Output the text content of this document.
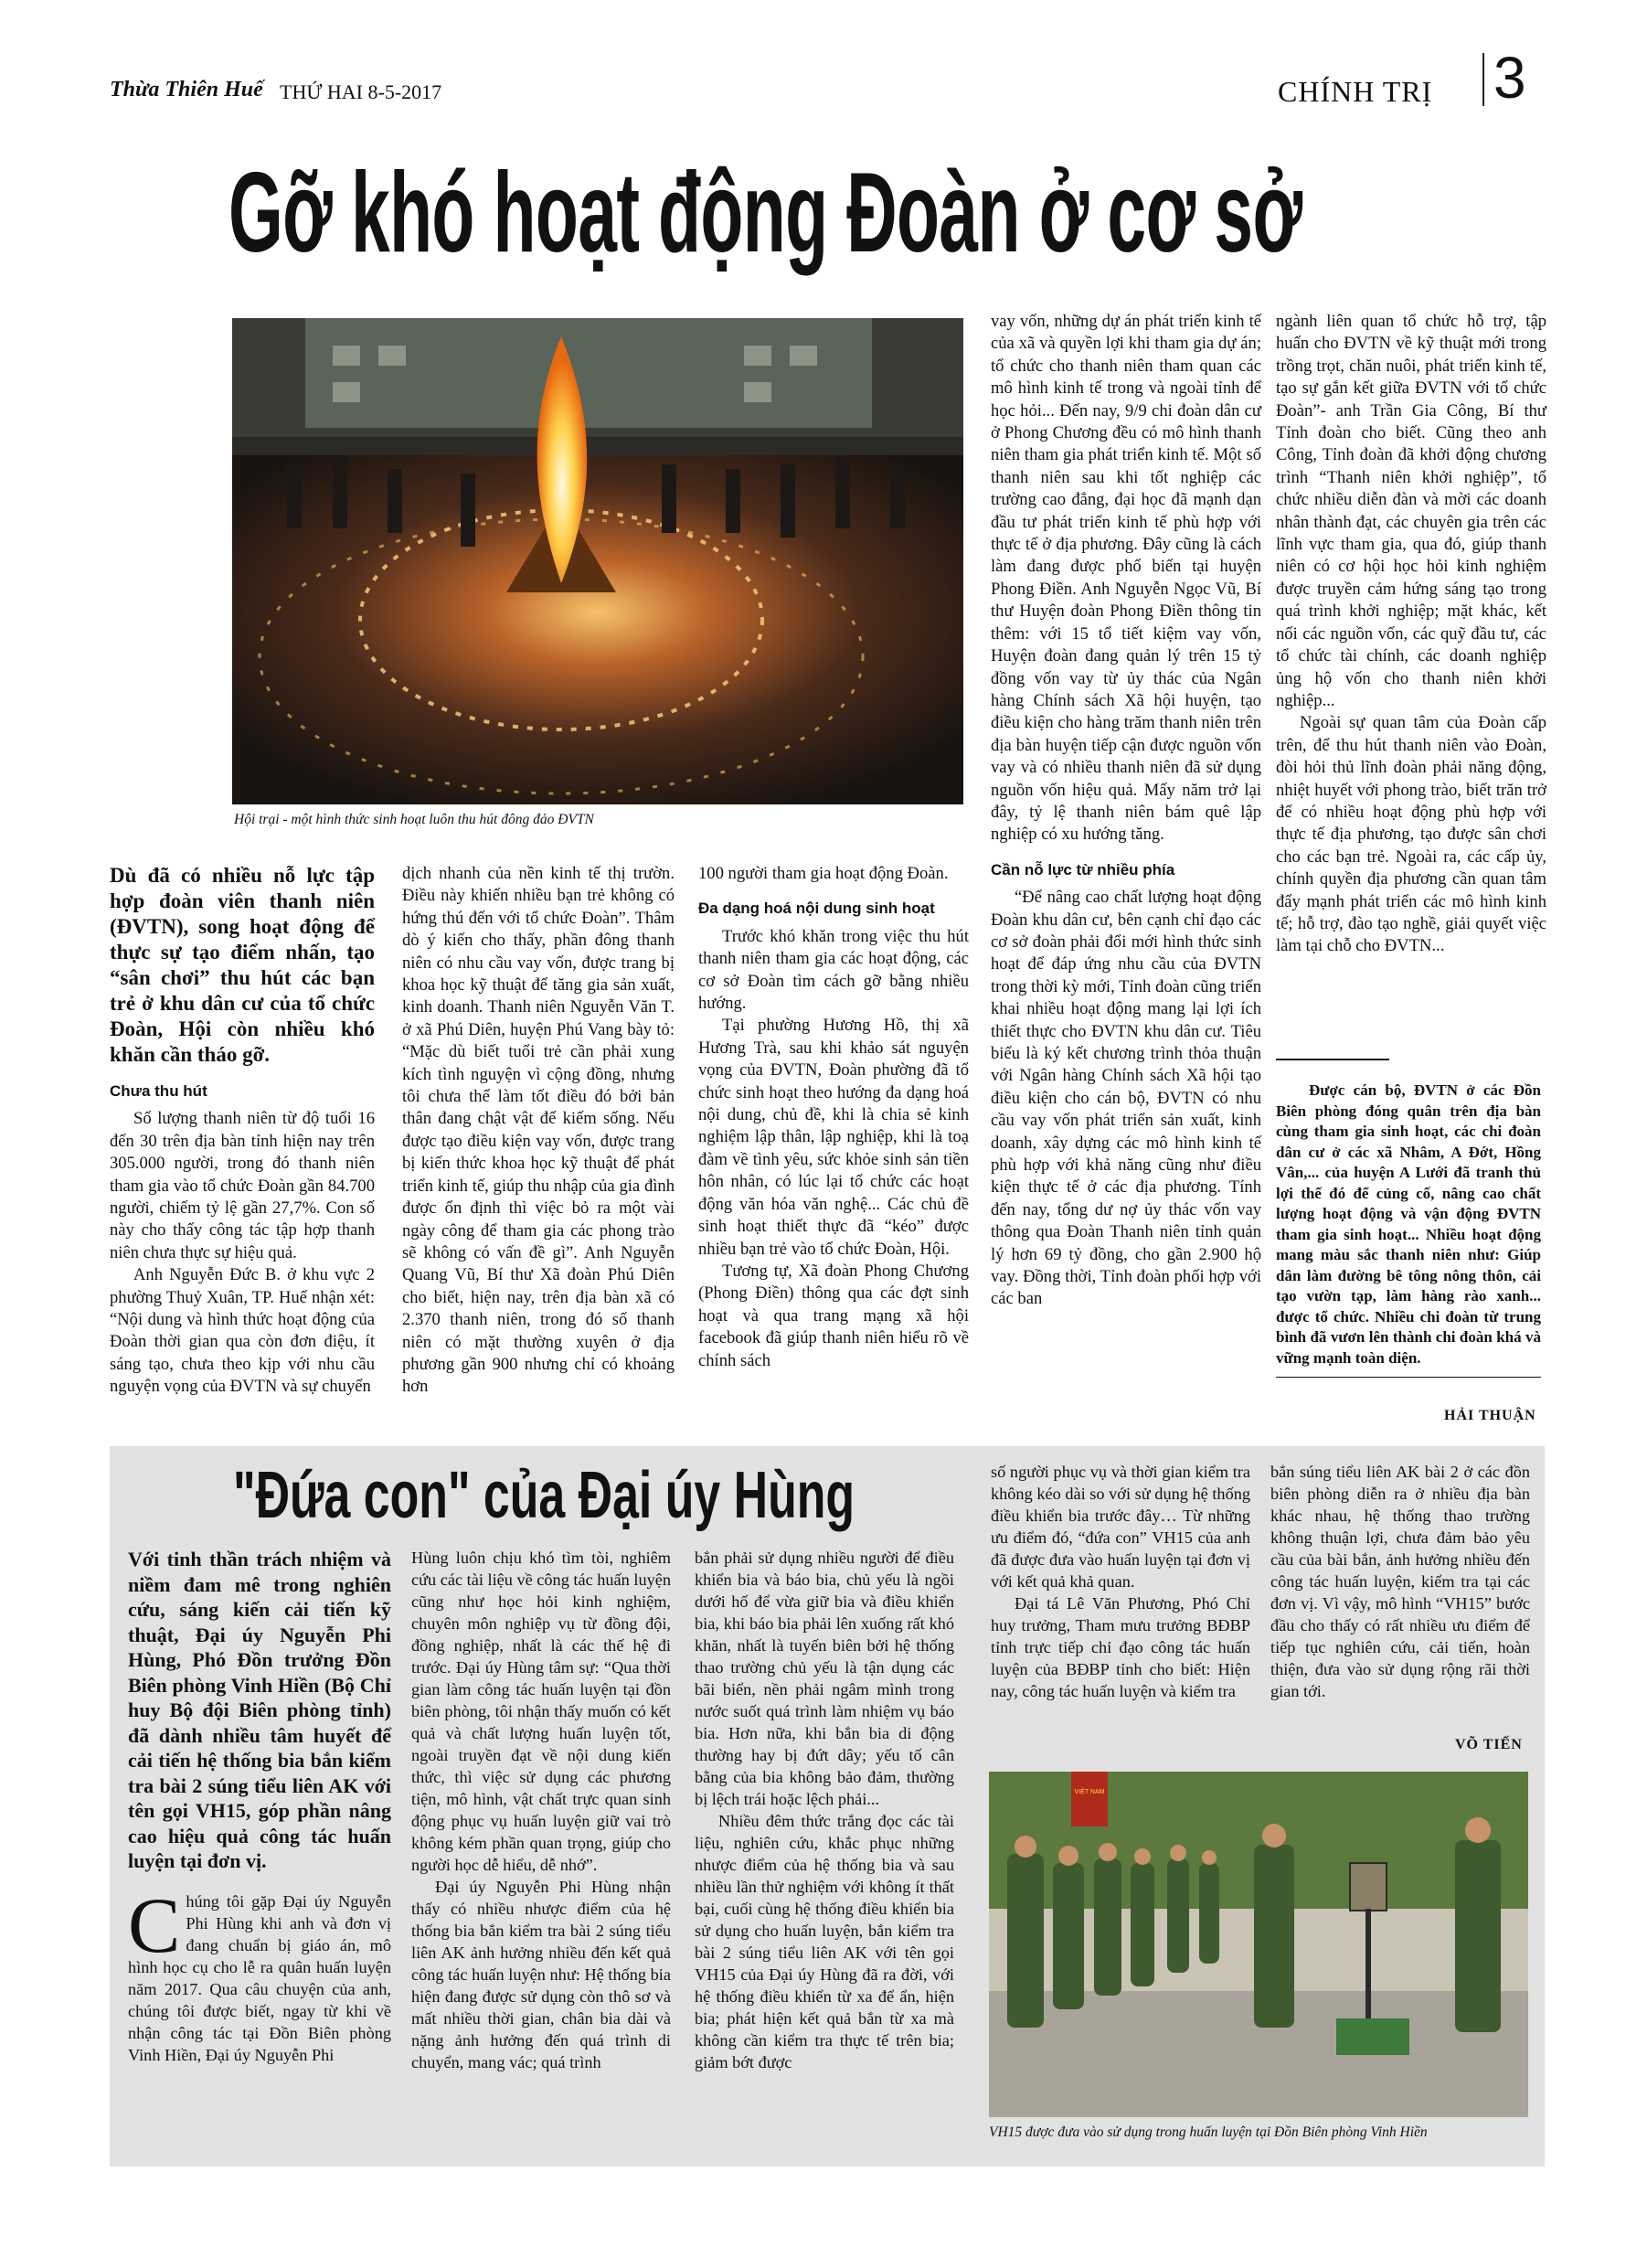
Thừa Thiên Huế THỨ HAI 8-5-2017	CHÍNH TRỊ 3
Gỡ khó hoạt động Đoàn ở cơ sở
Hội trại - một hình thức sinh hoạt luôn thu hút đông đảo ĐVTN
Dù đã có nhiều nỗ lực tập hợp đoàn viên thanh niên (ĐVTN), song hoạt động để thực sự tạo điểm nhấn, tạo “sân chơi” thu hút các bạn trẻ ở khu dân cư của tổ chức Đoàn, Hội còn nhiều khó khăn cần tháo gỡ.
Chưa thu hút

Số lượng thanh niên từ độ tuổi 16 đến 30 trên địa bàn tỉnh hiện nay trên 305.000 người, trong đó thanh niên tham gia vào tổ chức Đoàn gần 84.700 người, chiếm tỷ lệ gần 27,7%. Con số này cho thấy công tác tập hợp thanh niên chưa thực sự hiệu quả.

Anh Nguyễn Đức B. ở khu vực 2 phường Thuỷ Xuân, TP. Huế nhận xét: “Nội dung và hình thức hoạt động của Đoàn thời gian qua còn đơn điệu, ít sáng tạo, chưa theo kịp với nhu cầu nguyện vọng của ĐVTN và sự chuyển

dịch nhanh của nền kinh tế thị trườn. Điều này khiến nhiều bạn trẻ không có hứng thú đến với tổ chức Đoàn”. Thâm dò ý kiến cho thấy, phần đông thanh niên có nhu cầu vay vốn, được trang bị khoa học kỹ thuật để tăng gia sản xuất, kinh doanh. Thanh niên Nguyễn Văn T. ở xã Phú Diên, huyện Phú Vang bày tỏ: “Mặc dù biết tuổi trẻ cần phải xung kích tình nguyện vì cộng đồng, nhưng tôi chưa thể làm tốt điều đó bởi bản thân đang chật vật để kiếm sống. Nếu được tạo điều kiện vay vốn, được trang bị kiến thức khoa học kỹ thuật để phát triển kinh tế, giúp thu nhập của gia đình được ổn định thì việc bỏ ra một vài ngày công để tham gia các phong trào sẽ không có vấn đề gì”. Anh Nguyễn Quang Vũ, Bí thư Xã đoàn Phú Diên cho biết, hiện nay, trên địa bàn xã có 2.370 thanh niên, trong đó số thanh niên có mặt thường xuyên ở địa phương gần 900 nhưng chỉ có khoảng hơn

100 người tham gia hoạt động Đoàn.

Đa dạng hoá nội dung sinh hoạt

Trước khó khăn trong việc thu hút thanh niên tham gia các hoạt động, các cơ sở Đoàn tìm cách gỡ bằng nhiều hướng.

Tại phường Hương Hồ, thị xã Hương Trà, sau khi khảo sát nguyện vọng của ĐVTN, Đoàn phường đã tổ chức sinh hoạt theo hướng đa dạng hoá nội dung, chủ đề, khi là chia sẻ kinh nghiệm lập thân, lập nghiệp, khi là toạ đàm về tình yêu, sức khỏe sinh sản tiền hôn nhân, có lúc lại tổ chức các hoạt động văn hóa văn nghệ... Các chủ đề sinh hoạt thiết thực đã “kéo” được nhiều bạn trẻ vào tổ chức Đoàn, Hội.

Tương tự, Xã đoàn Phong Chương (Phong Điền) thông qua các đợt sinh hoạt và qua trang mạng xã hội facebook đã giúp thanh niên hiểu rõ về chính sách

vay vốn, những dự án phát triển kinh tế của xã và quyền lợi khi tham gia dự án; tổ chức cho thanh niên tham quan các mô hình kinh tế trong và ngoài tỉnh để học hỏi... Đến nay, 9/9 chi đoàn dân cư ở Phong Chương đều có mô hình thanh niên tham gia phát triển kinh tế. Một số thanh niên sau khi tốt nghiệp các trường cao đẳng, đại học đã mạnh dạn đầu tư phát triển kinh tế phù hợp với thực tế ở địa phương. Đây cũng là cách làm đang được phổ biến tại huyện Phong Điền. Anh Nguyễn Ngọc Vũ, Bí thư Huyện đoàn Phong Điền thông tin thêm: với 15 tổ tiết kiệm vay vốn, Huyện đoàn đang quản lý trên 15 tỷ đồng vốn vay từ ủy thác của Ngân hàng Chính sách Xã hội huyện, tạo điều kiện cho hàng trăm thanh niên trên địa bàn huyện tiếp cận được nguồn vốn vay và có nhiều thanh niên đã sử dụng nguồn vốn hiệu quả. Mấy năm trở lại đây, tỷ lệ thanh niên bám quê lập nghiệp có xu hướng tăng.

Cần nỗ lực từ nhiều phía

“Để nâng cao chất lượng hoạt động Đoàn khu dân cư, bên cạnh chỉ đạo các cơ sở đoàn phải đổi mới hình thức sinh hoạt để đáp ứng nhu cầu của ĐVTN trong thời kỳ mới, Tỉnh đoàn cũng triển khai nhiều hoạt động mang lại lợi ích thiết thực cho ĐVTN khu dân cư. Tiêu biểu là ký kết chương trình thỏa thuận với Ngân hàng Chính sách Xã hội tạo điều kiện cho cán bộ, ĐVTN có nhu cầu vay vốn phát triển sản xuất, kinh doanh, xây dựng các mô hình kinh tế phù hợp với khả năng cũng như điều kiện thực tế ở các địa phương. Tính đến nay, tổng dư nợ ủy thác vốn vay thông qua Đoàn Thanh niên tỉnh quản lý hơn 69 tỷ đồng, cho gần 2.900 hộ vay. Đồng thời, Tỉnh đoàn phối hợp với các ban

ngành liên quan tổ chức hỗ trợ, tập huấn cho ĐVTN về kỹ thuật mới trong trồng trọt, chăn nuôi, phát triển kinh tế, tạo sự gắn kết giữa ĐVTN với tổ chức Đoàn”- anh Trần Gia Công, Bí thư Tỉnh đoàn cho biết. Cũng theo anh Công, Tỉnh đoàn đã khởi động chương trình “Thanh niên khởi nghiệp”, tổ chức nhiều diễn đàn và mời các doanh nhân thành đạt, các chuyên gia trên các lĩnh vực tham gia, qua đó, giúp thanh niên có cơ hội học hỏi kinh nghiệm được truyền cảm hứng sáng tạo trong quá trình khởi nghiệp; mặt khác, kết nối các nguồn vốn, các quỹ đầu tư, các tổ chức tài chính, các doanh nghiệp ủng hộ vốn cho thanh niên khởi nghiệp...

Ngoài sự quan tâm của Đoàn cấp trên, để thu hút thanh niên vào Đoàn, đòi hỏi thủ lĩnh đoàn phải năng động, nhiệt huyết với phong trào, biết trăn trở để có nhiều hoạt động phù hợp với thực tế địa phương, tạo được sân chơi cho các bạn trẻ. Ngoài ra, các cấp ủy, chính quyền địa phương cần quan tâm đẩy mạnh phát triển các mô hình kinh tế; hỗ trợ, đào tạo nghề, giải quyết việc làm tại chỗ cho ĐVTN...

Được cán bộ, ĐVTN ở các Đồn Biên phòng đóng quân trên địa bàn cùng tham gia sinh hoạt, các chi đoàn dân cư ở các xã Nhâm, A Đớt, Hồng Vân,... của huyện A Lưới đã tranh thủ lợi thế đó để củng cố, nâng cao chất lượng hoạt động và vận động ĐVTN tham gia sinh hoạt... Nhiều hoạt động mang màu sắc thanh niên như: Giúp dân làm đường bê tông nông thôn, cải tạo vườn tạp, làm hàng rào xanh... được tổ chức. Nhiều chi đoàn từ trung bình đã vươn lên thành chi đoàn khá và vững mạnh toàn diện.

HẢI THUẬN
"Đứa con" của Đại úy Hùng
Với tinh thần trách nhiệm và niềm đam mê trong nghiên cứu, sáng kiến cải tiến kỹ thuật, Đại úy Nguyễn Phi Hùng, Phó Đồn trưởng Đồn Biên phòng Vinh Hiền (Bộ Chỉ huy Bộ đội Biên phòng tỉnh) đã dành nhiều tâm huyết để cải tiến hệ thống bia bắn kiểm tra bài 2 súng tiểu liên AK với tên gọi VH15, góp phần nâng cao hiệu quả công tác huấn luyện tại đơn vị.
C húng tôi gặp Đại úy Nguyễn Phi Hùng khi anh và đơn vị đang chuẩn bị giáo án, mô hình học cụ cho lễ ra quân huấn luyện năm 2017. Qua câu chuyện của anh, chúng tôi được biết, ngay từ khi về nhận công tác tại Đồn Biên phòng Vinh Hiền, Đại úy Nguyễn Phi

Hùng luôn chịu khó tìm tòi, nghiêm cứu các tài liệu về công tác huấn luyện cũng như học hỏi kinh nghiệm, chuyên môn nghiệp vụ từ đồng đội, đồng nghiệp, nhất là các thế hệ đi trước. Đại úy Hùng tâm sự: “Qua thời gian làm công tác huấn luyện tại đồn biên phòng, tôi nhận thấy muốn có kết quả và chất lượng huấn luyện tốt, ngoài truyền đạt về nội dung kiến thức, thì việc sử dụng các phương tiện, mô hình, vật chất trực quan sinh động phục vụ huấn luyện giữ vai trò không kém phần quan trọng, giúp cho người học dễ hiểu, dễ nhớ”.

Đại úy Nguyễn Phi Hùng nhận thấy có nhiều nhược điểm của hệ thống bia bắn kiểm tra bài 2 súng tiểu liên AK ảnh hưởng nhiều đến kết quả công tác huấn luyện như: Hệ thống bia hiện đang được sử dụng còn thô sơ và mất nhiều thời gian, chân bia dài và nặng ảnh hưởng đến quá trình di chuyển, mang vác; quá trình

bắn phải sử dụng nhiều người để điều khiển bia và báo bia, chủ yếu là ngồi dưới hố để vừa giữ bia và điều khiển bia, khi báo bia phải lên xuống rất khó khăn, nhất là tuyến biên bởi hệ thống thao trường chủ yếu là tận dụng các bãi biển, nền phải ngâm mình trong nước suốt quá trình làm nhiệm vụ báo bia. Hơn nữa, khi bắn bia di động thường hay bị đứt dây; yếu tố cân bằng của bia không bảo đảm, thường bị lệch trái hoặc lệch phải...

Nhiều đêm thức trắng đọc các tài liệu, nghiên cứu, khắc phục những nhược điểm của hệ thống bia và sau nhiều lần thử nghiệm với không ít thất bại, cuối cùng hệ thống điều khiển bia sử dụng cho huấn luyện, bắn kiểm tra bài 2 súng tiểu liên AK với tên gọi VH15 của Đại úy Hùng đã ra đời, với hệ thống điều khiển từ xa để ẩn, hiện bia; phát hiện kết quả bắn từ xa mà không cần kiểm tra thực tế trên bia; giảm bớt được

số người phục vụ và thời gian kiểm tra không kéo dài so với sử dụng hệ thống điều khiển bia trước đây… Từ những ưu điểm đó, “đứa con” VH15 của anh đã được đưa vào huấn luyện tại đơn vị với kết quả khả quan.

Đại tá Lê Văn Phương, Phó Chỉ huy trưởng, Tham mưu trưởng BĐBP tỉnh trực tiếp chỉ đạo công tác huấn luyện của BĐBP tỉnh cho biết: Hiện nay, công tác huấn luyện và kiểm tra

bắn súng tiểu liên AK bài 2 ở các đồn biên phòng diễn ra ở nhiều địa bàn khác nhau, hệ thống thao trường không thuận lợi, chưa đảm bảo yêu cầu của bài bắn, ảnh hưởng nhiều đến công tác huấn luyện, kiểm tra tại các đơn vị. Vì vậy, mô hình “VH15” bước đầu cho thấy có rất nhiều ưu điểm để tiếp tục nghiên cứu, cải tiến, hoàn thiện, đưa vào sử dụng rộng rãi thời gian tới.

VÕ TIẾN
VIỆT NAM
VH15 được đưa vào sử dụng trong huấn luyện tại Đồn Biên phòng Vinh Hiền
